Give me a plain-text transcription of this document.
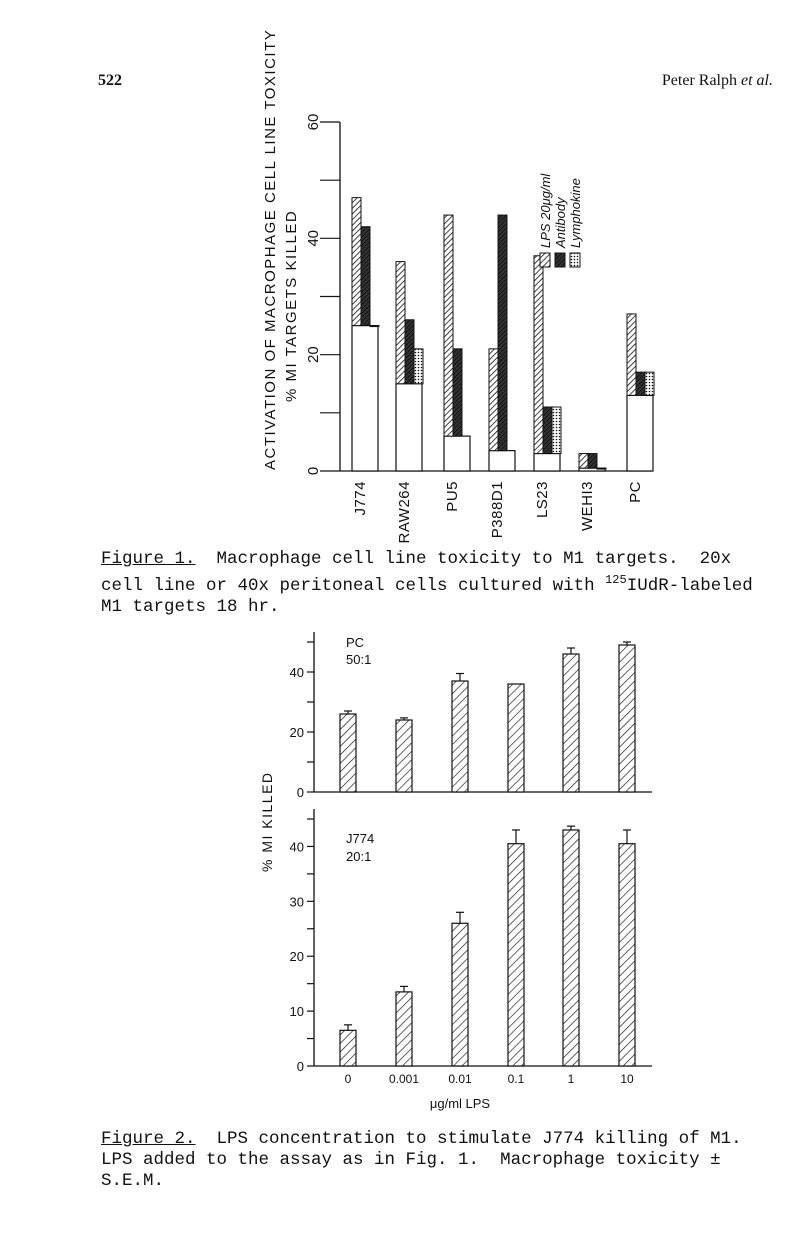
522	Peter Ralph et al.
0
20
40
60
J774 RAW264 PU5 P388D1 LS23 WEHI3 PC
LPS 20μg/ml Antibody Lymphokine
ACTIVATION OF MACROPHAGE CELL LINE TOXICITY % MI TARGETS KILLED
Figure 1.  Macrophage cell line toxicity to M1 targets.  20x cell line or 40x peritoneal cells cultured with $^{125}$IUdR-labeled M1 targets 18 hr.
0
20
40
0
10
20
30
40
0	0.001 0.01	0.1	1	10
PC
50:1
J774
20:1
% MI KILLED
μg/ml LPS
Figure 2.  LPS concentration to stimulate J774 killing of M1.  LPS added to the assay as in Fig. 1.  Macrophage toxicity ± S.E.M.
